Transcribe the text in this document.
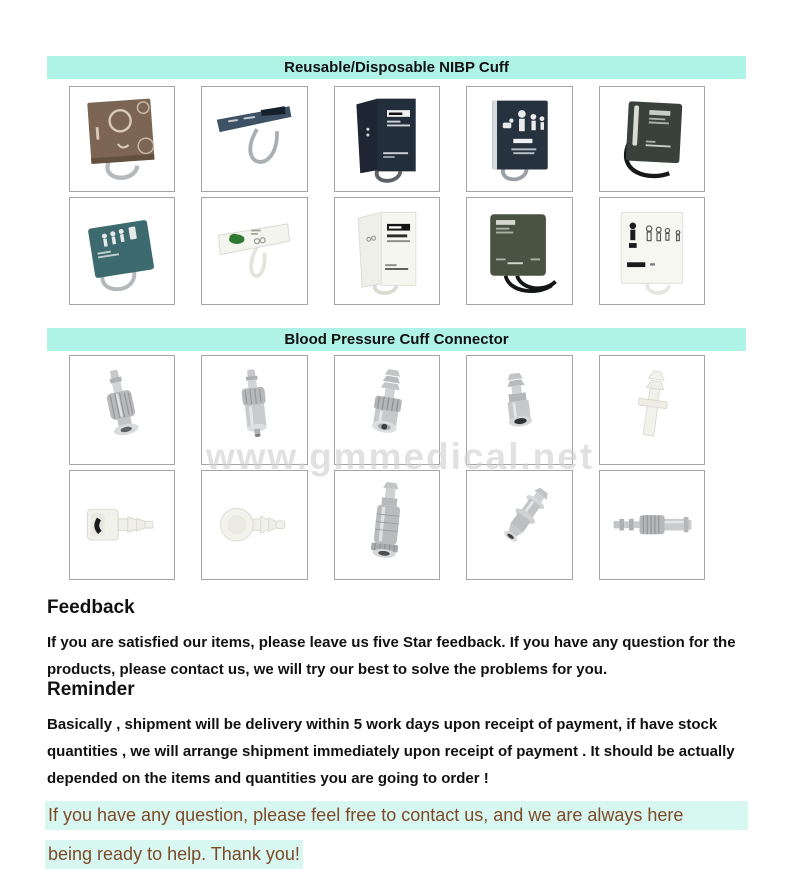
Reusable/Disposable NIBP Cuff
Blood Pressure Cuff Connector
www.gmmedical.net
Feedback
If you are satisfied our items, please leave us five Star feedback. If you have any question for the products, please contact us, we will try our best to solve the problems for you.
Reminder
Basically , shipment will be delivery within 5 work days upon receipt of payment, if have stock quantities , we will arrange shipment immediately upon receipt of payment . It should be actually depended on the items and quantities you are going to order !
If you have any question, please feel free to contact us, and we are always here
being ready to help. Thank you!
